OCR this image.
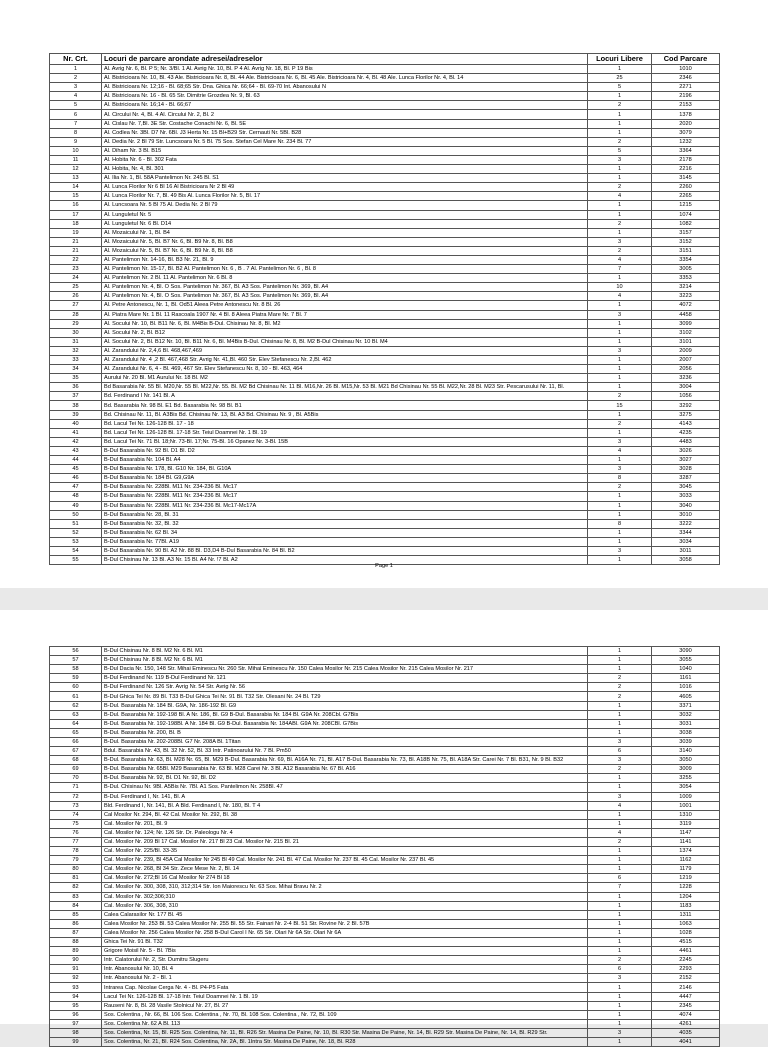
Nr. Crt.	Locuri de parcare arondate adresei/adreselor	Locuri Libere	Cod Parcare
1	Al. Avrig Nr. 6, Bl. P 5; Nr. 3/Bl. 1 Al. Avrig Nr. 10, Bl. P 4 Al. Avrig Nr. 18, Bl. P 19 Bis	1	1010
2	Al. Bistricioara Nr. 10, Bl. 43 Ale. Bistricioara Nr. 8, Bl. 44 Ale. Bistricioara Nr. 6, Bl. 45 Ale. Bistricioara Nr. 4, Bl. 48 Ale. Lunca Florilor Nr. 4, Bl. 14	25	2346
3	Al. Bistricioara Nr. 12;16 - Bl. 68;65 Str. Dna. Ghica Nr. 66;64 - Bl. 69-70 Int. Abanosului N	5	2271
4	Al. Bistricioara Nr. 16 - Bl. 65 Str. Dimitrie Grozdea Nr. 9, Bl. 63	1	2196
5	Al. Bistricioara Nr. 16;14 - Bl. 66;67	2	2153
6	Al. Circului Nr. 4, Bl. 4 Al. Circului Nr. 2, Bl. 2	1	1378
7	Al. Cislau Nr. 7,Bl. 3E Str. Costache Conachi Nr. 6, Bl. 5E	1	2020
8	Al. Codlea Nr. 3Bl. D7 Nr. 6Bl. J3 Herta Nr. 15 Bl+B29 Str. Cernauti Nr. 5Bl. B28	1	3079
9	Al. Dedia Nr. 2 Bl 79 Str. Luncsoara Nr. 5 Bl. 75 Sos. Stefan Cel Mare Nr. 234 Bl. 77	2	1232
10	Al. Diham Nr. 3 Bl. B15	5	3364
11	Al. Hobita Nr. 6 - Bl. 302 Fata	3	2178
12	Al. Hobita, Nr. 4, Bl. 301	1	2216
13	Al. Ilia Nr. 1, Bl. 58A Pantelimon Nr. 245 Bl. S1	1	3145
14	Al. Lunca Florilor Nr 6 Bl 16 Al Bistricioara Nr 2 Bl 49	2	2260
15	Al. Lunca Florilor Nr. 7, Bl. 49 Bis Al. Lunca Florilor Nr. 5, Bl. 17	4	2265
16	Al. Luncsoara Nr. 5 Bl 75 Al. Dedia Nr. 2 Bl 79	1	1215
17	Al. Lunguletul Nr. 5	1	1074
18	Al. Lunguletul Nr. 6 Bl. D14	2	1082
19	Al. Mozaicului Nr. 1, Bl. B4	1	3157
21	Al. Mozaicului Nr. 5, Bl. B7 Nr. 6, Bl. B9 Nr. 8, Bl. B8	3	3152
21	Al. Mozaicului Nr. 5, Bl. B7 Nr. 6, Bl. B9 Nr. 8, Bl. B8	2	3151
22	Al. Pantelimon Nr. 14-16, Bl. B3 Nr. 21, Bl. 9	4	3354
23	Al. Pantelimon Nr. 15-17, Bl. B2 Al. Pantelimon Nr. 6 , B . 7 Al. Pantelimon Nr. 6 , Bl. 8	7	3005
24	Al. Pantelimon Nr. 2 Bl. 11 Al. Pantelimon Nr. 6 Bl. 8	1	3353
25	Al. Pantelimon Nr. 4, Bl. O Sos. Pantelimon Nr. 367, Bl. A3 Sos. Pantelimon Nr. 369, Bl. A4	10	3214
26	Al. Pantelimon Nr. 4, Bl. O Sos. Pantelimon Nr. 367, Bl. A3 Sos. Pantelimon Nr. 369, Bl. A4	4	3223
27	Al. Petre Antonescu, Nr. 1, Bl. Od51 Aleea Petre Antonescu Nr. 8 Bl. 26	1	4072
28	Al. Piatra Mare Nr. 1 Bl. 11 Rascoala 1907 Nr. 4 Bl. 8 Aleea Piatra Mare Nr. 7 Bl. 7	3	4458
29	Al. Socului Nr. 10, Bl. B11 Nr. 6, Bl. M4Bis B-Dul. Chisinau Nr. 8, Bl. M2	1	3099
30	Al. Socului Nr. 2, Bl. B12	1	3102
31	Al. Socului Nr. 2, Bl. B12 Nr. 10, Bl. B11 Nr. 6, Bl. M4Bis B-Dul. Chisinau Nr. 8, Bl. M2 B-Dul Chisinau Nr. 10 Bl. M4	1	3101
32	Al. Zarandului Nr. 2,4,6 Bl. 468,467,469	3	2009
33	Al. Zarandului Nr. 4 ,2 Bl. 467,468 Str. Avrig Nr. 41,Bl. 460 Str. Elev Stefanescu Nr. 2,Bl. 462	1	2007
34	Al. Zarandului Nr. 6, 4 - Bl. 469, 467 Str. Elev Stefanescu Nr. 8, 10 - Bl. 463, 464	1	2056
35	Aurului Nr. 20 Bl. M1 Aurului Nr. 18 Bl. M2	1	3236
36	Bd Basarabia Nr. 55 Bl. M20,Nr. 55 Bl. M22,Nr. 55. Bl. M2 Bd Chisinau Nr. 11 Bl. M16,Nr. 26 Bl. M15,Nr. 53 Bl. M21 Bd Chisinau Nr. 55 Bl. M22,Nr. 28 Bl. M23 Str. Pescarusului Nr. 11, Bl.	1	3004
37	Bd. Ferdinand I Nr. 141 Bl. A	2	1056
38	Bd. Basarabia Nr. 98 Bl. E1 Bd. Basarabia Nr. 98 Bl. B1	15	3292
39	Bd. Chisinau Nr. 11, Bl. A3Bis Bd. Chisinau Nr. 13, Bl. A3 Bd. Chisinau Nr. 9 , Bl. A5Bis	1	3275
40	Bd. Lacul Tei Nr. 126-128 Bl. 17 - 18	2	4143
41	Bd. Lacul Tei Nr. 126-128 Bl. 17-18 Str. Teiul Doamnei Nr. 1 Bl. 19	1	4235
42	Bd. Lacul Tei Nr. 71 Bl. 18;Nr. 73-Bl. 17;Nr. 75-Bl. 16 Opanez Nr. 3-Bl. 15B	3	4483
43	B-Dul Basarabia Nr. 92 Bl. D1 Bl. D2	4	3026
44	B-Dul Basarabia Nr. 104 Bl. A4	1	3027
45	B-Dul Basarabia Nr. 178, Bl. G10 Nr. 184, Bl. G10A	3	3028
46	B-Dul Basarabia Nr. 184 Bl. G9,G9A	8	3287
47	B-Dul Basarabia Nr. 228Bl. M11 Nr. 234-236 Bl. Mc17	2	3045
48	B-Dul Basarabia Nr. 228Bl. M11 Nr. 234-236 Bl. Mc17	1	3033
49	B-Dul Basarabia Nr. 228Bl. M11 Nr. 234-236 Bl. Mc17-Mc17A	1	3040
50	B-Dul Basarabia Nr. 28, Bl. 31	1	3010
51	B-Dul Basarabia Nr. 32, Bl. 32	8	3222
52	B-Dul Basarabia Nr. 62 Bl. 34	1	3344
53	B-Dul Basarabia Nr. 77Bl. A19	1	3034
54	B-Dul Basarabia Nr. 90 Bl. A2 Nr. 88 Bl. D3,D4 B-Dul Basarabia Nr. 84 Bl. B2	3	3011
55	B-Dul Chisinau Nr. 13 Bl. A3 Nr. 15 Bl. A4 Nr. !7 Bl. A2	1	3058
Page 1
56	B-Dul Chisinau Nr. 8 Bl. M2 Nr. 6 Bl. M1	1	3090
57	B-Dul Chisinau Nr. 8 Bl. M2 Nr. 6 Bl. M1	1	3055
58	B-Dul Dacia Nr. 150, 148 Str. Mihai Eminescu Nr. 260 Str. Mihai Eminescu Nr. 150 Calea Mosilor Nr. 215 Calea Mosilor Nr. 215 Calea Mosilor Nr. 217	1	1040
59	B-Dul Ferdinand Nr. 119 B-Dul Ferdinand Nr. 121	2	1161
60	B-Dul Ferdinand Nr. 126 Str. Avrig Nr. 54 Str. Avrig Nr. 56	2	1016
61	B-Dul Ghica Tei Nr. 89 Bl. T33 B-Dul Ghica Tei Nr. 91 Bl. T32 Str. Olesani Nr. 24 Bl. T29	2	4605
62	B-Dul. Basarabia Nr. 184 Bl. G9A, Nr. 186-192 Bl. G9	1	3371
63	B-Dul. Basarabia Nr. 192-198 Bl. A Nr. 186, Bl. G9 B-Dul. Basarabia Nr. 184 Bl. G9A Nr. 208Cbl. G7Bis	1	3032
64	B-Dul. Basarabia Nr. 192-198Bl. A Nr. 184 Bl. G9 B-Dul. Basarabia Nr. 184ABl. G9A Nr. 208CBl. G7Bis	1	3031
65	B-Dul. Basarabia Nr. 200, Bl. B	1	3038
66	B-Dul. Basarabia Nr. 202-208Bl. G7 Nr. 208A Bl. 1Titan	3	3039
67	Bdul. Basarabia Nr. 43, Bl. 32 Nr. 52, Bl. 33 Intr. Patinoarului Nr. 7 Bl. Pm50	6	3140
68	B-Dul. Basarabia Nr. 63, Bl. M28 Nr. 65, Bl. M29 B-Dul. Basarabia Nr. 69, Bl. A16A Nr. 71, Bl. A17 B-Dul. Basarabia Nr. 73, Bl. A18B Nr. 75, Bl. A18A Str. Carei Nr. 7 Bl. B31, Nr. 9 Bl. B32	3	3050
69	B-Dul. Basarabia Nr. 65Bl. M29 Basarabia Nr. 63 Bl. M28 Carei Nr. 3 Bl. A12 Basarabia Nr. 67 Bl. A16	2	3009
70	B-Dul. Basarabia Nr. 92, Bl. D1 Nr. 92, Bl. D2	1	3255
71	B-Dul. Chisinau Nr. 9Bl. A5Bis Nr. 7Bl. A1 Sos. Pantelimon Nr. 258Bl. 47	1	3054
72	B-Dul. Ferdinand I, Nr. 141, Bl. A	3	1009
73	Bld. Ferdinand I, Nr. 141, Bl. A Bld. Ferdinand I, Nr. 180, Bl. T 4	4	1001
74	Cal Mosilor Nr. 294, Bl. 42 Cal. Mosilor Nr. 292, Bl. 38	1	1310
75	Cal. Mosilor Nr. 201, Bl. 9	1	3119
76	Cal. Mosilor Nr. 124; Nr. 126 Str. Dr. Paleologu Nr. 4	4	1147
77	Cal. Mosilor Nr. 209 Bl 17 Cal. Mosilor Nr. 217 Bl 23 Cal. Mosilor Nr. 215 Bl. 21	2	1141
78	Cal. Mosilor Nr. 225/Bl. 33-35	1	1374
79	Cal. Mosilor Nr. 239, Bl 45A Cal Mosilor Nr 245 Bl 49 Cal. Mosilor Nr. 241 Bl. 47 Cal. Mosilor Nr. 237 Bl. 45 Cal. Mosilor Nr. 237 Bl. 45	1	1162
80	Cal. Mosilor Nr. 268, Bl 34 Str. Zece Mese Nr. 2, Bl. 14	1	1179
81	Cal. Mosilor Nr. 272;Bl 16 Cal Mosilor Nr 274 Bl 18	6	1219
82	Cal. Mosilor Nr. 300, 308, 310, 312;314 Str. Ion Maiorescu Nr. 63 Sos. Mihai Bravu Nr. 2	7	1228
83	Cal. Mosilor Nr. 302;306;310	1	1204
84	Cal. Mosilor Nr. 306, 308, 310	1	1183
85	Calea Calarasilor Nr. 177 Bl. 45	1	1311
86	Calea Mosilor Nr. 253 Bl. 53 Calea Mosilor Nr. 255 Bl. 55 Str. Fainari Nr. 2-4 Bl. 51 Str. Rovine Nr. 2 Bl. 57B	1	1063
87	Calea Mosilor Nr. 256 Calea Mosilor Nr. 258 B-Dul Carol I Nr. 65 Str. Olari Nr 6A Str. Olari Nr 6A	1	1028
88	Ghica Tei Nr. 91 Bl. T32	1	4515
89	Grigore Moisil Nr. 5 - Bl. 7Bis	1	4461
90	Intr. Calatorului Nr. 2, Str. Dumitru Slugeru	2	2245
91	Intr. Abanosului Nr. 10, Bl. 4	6	2293
92	Intr. Abanosului Nr. 2 - Bl. 1	3	2152
93	Intrarea Cap. Nicolae Cerga Nr. 4 - Bl. P4-P5 Fata	1	2146
94	Lacul Tei Nr. 126-128 Bl. 17-18 Intr. Teiul Doamnei Nr. 1 Bl. 19	1	4447
95	Rauseni Nr. 8, Bl. 28 Vasile Stolnicul Nr. 27, Bl. 27	1	2345
96	Sos. Colentina , Nr. 66, Bl. 106 Sos. Colentina , Nr. 70, Bl. 108 Sos. Colentina , Nr. 72, Bl. 109	1	4074
97	Sos. Colentina Nr. 62 A Bl. 113	1	4261
98	Sos. Colentina, Nr. 15, Bl. R25 Sos. Colentina, Nr. 11, Bl. R26 Str. Masina De Paine, Nr. 10, Bl. R30 Str. Masina De Paine, Nr. 14, Bl. R29 Str. Masina De Paine, Nr. 14, Bl. R29 Str.	3	4035
99	Sos. Colentina, Nr. 21, Bl. R24 Sos. Colentina, Nr. 2A, Bl. 1Intra Str. Masina De Paine, Nr. 18, Bl. R28	1	4041
